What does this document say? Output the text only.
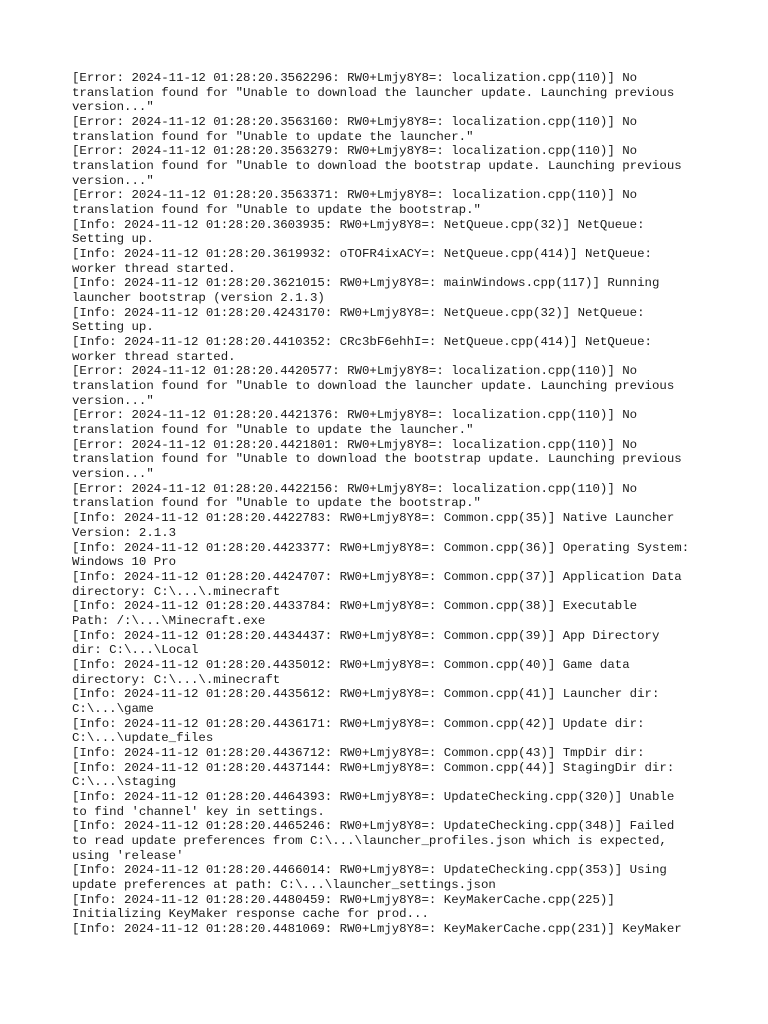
[Error: 2024-11-12 01:28:20.3562296: RW0+Lmjy8Y8=: localization.cpp(110)] No
translation found for "Unable to download the launcher update. Launching previous
version..."
[Error: 2024-11-12 01:28:20.3563160: RW0+Lmjy8Y8=: localization.cpp(110)] No
translation found for "Unable to update the launcher."
[Error: 2024-11-12 01:28:20.3563279: RW0+Lmjy8Y8=: localization.cpp(110)] No
translation found for "Unable to download the bootstrap update. Launching previous
version..."
[Error: 2024-11-12 01:28:20.3563371: RW0+Lmjy8Y8=: localization.cpp(110)] No
translation found for "Unable to update the bootstrap."
[Info: 2024-11-12 01:28:20.3603935: RW0+Lmjy8Y8=: NetQueue.cpp(32)] NetQueue:
Setting up.
[Info: 2024-11-12 01:28:20.3619932: oTOFR4ixACY=: NetQueue.cpp(414)] NetQueue:
worker thread started.
[Info: 2024-11-12 01:28:20.3621015: RW0+Lmjy8Y8=: mainWindows.cpp(117)] Running
launcher bootstrap (version 2.1.3)
[Info: 2024-11-12 01:28:20.4243170: RW0+Lmjy8Y8=: NetQueue.cpp(32)] NetQueue:
Setting up.
[Info: 2024-11-12 01:28:20.4410352: CRc3bF6ehhI=: NetQueue.cpp(414)] NetQueue:
worker thread started.
[Error: 2024-11-12 01:28:20.4420577: RW0+Lmjy8Y8=: localization.cpp(110)] No
translation found for "Unable to download the launcher update. Launching previous
version..."
[Error: 2024-11-12 01:28:20.4421376: RW0+Lmjy8Y8=: localization.cpp(110)] No
translation found for "Unable to update the launcher."
[Error: 2024-11-12 01:28:20.4421801: RW0+Lmjy8Y8=: localization.cpp(110)] No
translation found for "Unable to download the bootstrap update. Launching previous
version..."
[Error: 2024-11-12 01:28:20.4422156: RW0+Lmjy8Y8=: localization.cpp(110)] No
translation found for "Unable to update the bootstrap."
[Info: 2024-11-12 01:28:20.4422783: RW0+Lmjy8Y8=: Common.cpp(35)] Native Launcher
Version: 2.1.3
[Info: 2024-11-12 01:28:20.4423377: RW0+Lmjy8Y8=: Common.cpp(36)] Operating System:
Windows 10 Pro
[Info: 2024-11-12 01:28:20.4424707: RW0+Lmjy8Y8=: Common.cpp(37)] Application Data
directory: C:\...\.minecraft
[Info: 2024-11-12 01:28:20.4433784: RW0+Lmjy8Y8=: Common.cpp(38)] Executable
Path: /:\...\Minecraft.exe
[Info: 2024-11-12 01:28:20.4434437: RW0+Lmjy8Y8=: Common.cpp(39)] App Directory
dir: C:\...\Local
[Info: 2024-11-12 01:28:20.4435012: RW0+Lmjy8Y8=: Common.cpp(40)] Game data
directory: C:\...\.minecraft
[Info: 2024-11-12 01:28:20.4435612: RW0+Lmjy8Y8=: Common.cpp(41)] Launcher dir:
C:\...\game
[Info: 2024-11-12 01:28:20.4436171: RW0+Lmjy8Y8=: Common.cpp(42)] Update dir:
C:\...\update_files
[Info: 2024-11-12 01:28:20.4436712: RW0+Lmjy8Y8=: Common.cpp(43)] TmpDir dir:
[Info: 2024-11-12 01:28:20.4437144: RW0+Lmjy8Y8=: Common.cpp(44)] StagingDir dir:
C:\...\staging
[Info: 2024-11-12 01:28:20.4464393: RW0+Lmjy8Y8=: UpdateChecking.cpp(320)] Unable
to find 'channel' key in settings.
[Info: 2024-11-12 01:28:20.4465246: RW0+Lmjy8Y8=: UpdateChecking.cpp(348)] Failed
to read update preferences from C:\...\launcher_profiles.json which is expected,
using 'release'
[Info: 2024-11-12 01:28:20.4466014: RW0+Lmjy8Y8=: UpdateChecking.cpp(353)] Using
update preferences at path: C:\...\launcher_settings.json
[Info: 2024-11-12 01:28:20.4480459: RW0+Lmjy8Y8=: KeyMakerCache.cpp(225)]
Initializing KeyMaker response cache for prod...
[Info: 2024-11-12 01:28:20.4481069: RW0+Lmjy8Y8=: KeyMakerCache.cpp(231)] KeyMaker
